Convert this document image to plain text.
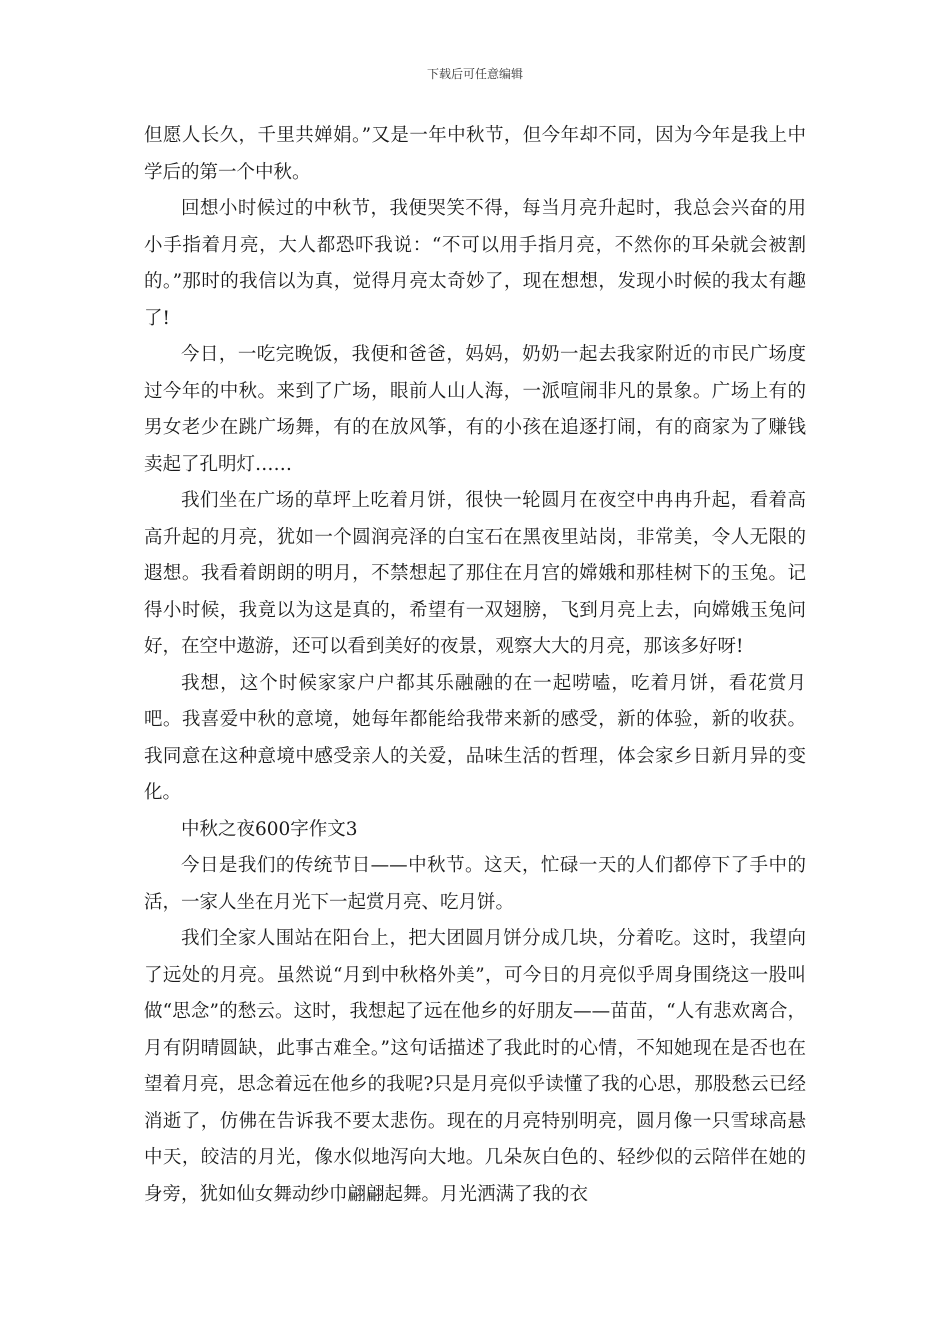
下载后可任意编辑

但愿人长久，千里共婵娟。”又是一年中秋节，但今年却不同，因为今年是我上中学后的第一个中秋。

回想小时候过的中秋节，我便哭笑不得，每当月亮升起时，我总会兴奋的用小手指着月亮，大人都恐吓我说：“不可以用手指月亮，不然你的耳朵就会被割的。”那时的我信以为真，觉得月亮太奇妙了，现在想想，发现小时候的我太有趣了!

今日，一吃完晚饭，我便和爸爸，妈妈，奶奶一起去我家附近的市民广场度过今年的中秋。来到了广场，眼前人山人海，一派喧闹非凡的景象。广场上有的男女老少在跳广场舞，有的在放风筝，有的小孩在追逐打闹，有的商家为了赚钱卖起了孔明灯……

我们坐在广场的草坪上吃着月饼，很快一轮圆月在夜空中冉冉升起，看着高高升起的月亮，犹如一个圆润亮泽的白宝石在黑夜里站岗，非常美，令人无限的遐想。我看着朗朗的明月，不禁想起了那住在月宫的嫦娥和那桂树下的玉兔。记得小时候，我竟以为这是真的，希望有一双翅膀，飞到月亮上去，向嫦娥玉兔问好，在空中遨游，还可以看到美好的夜景，观察大大的月亮，那该多好呀!

我想，这个时候家家户户都其乐融融的在一起唠嗑，吃着月饼，看花赏月吧。我喜爱中秋的意境，她每年都能给我带来新的感受，新的体验，新的收获。我同意在这种意境中感受亲人的关爱，品味生活的哲理，体会家乡日新月异的变化。

中秋之夜600字作文3

今日是我们的传统节日——中秋节。这天，忙碌一天的人们都停下了手中的活，一家人坐在月光下一起赏月亮、吃月饼。

我们全家人围站在阳台上，把大团圆月饼分成几块，分着吃。这时，我望向了远处的月亮。虽然说“月到中秋格外美”，可今日的月亮似乎周身围绕这一股叫做“思念”的愁云。这时，我想起了远在他乡的好朋友——苗苗，“人有悲欢离合，月有阴晴圆缺，此事古难全。”这句话描述了我此时的心情，不知她现在是否也在望着月亮，思念着远在他乡的我呢?只是月亮似乎读懂了我的心思，那股愁云已经消逝了，仿佛在告诉我不要太悲伤。现在的月亮特别明亮，圆月像一只雪球高悬中天，皎洁的月光，像水似地泻向大地。几朵灰白色的、轻纱似的云陪伴在她的身旁，犹如仙女舞动纱巾翩翩起舞。月光洒满了我的衣
